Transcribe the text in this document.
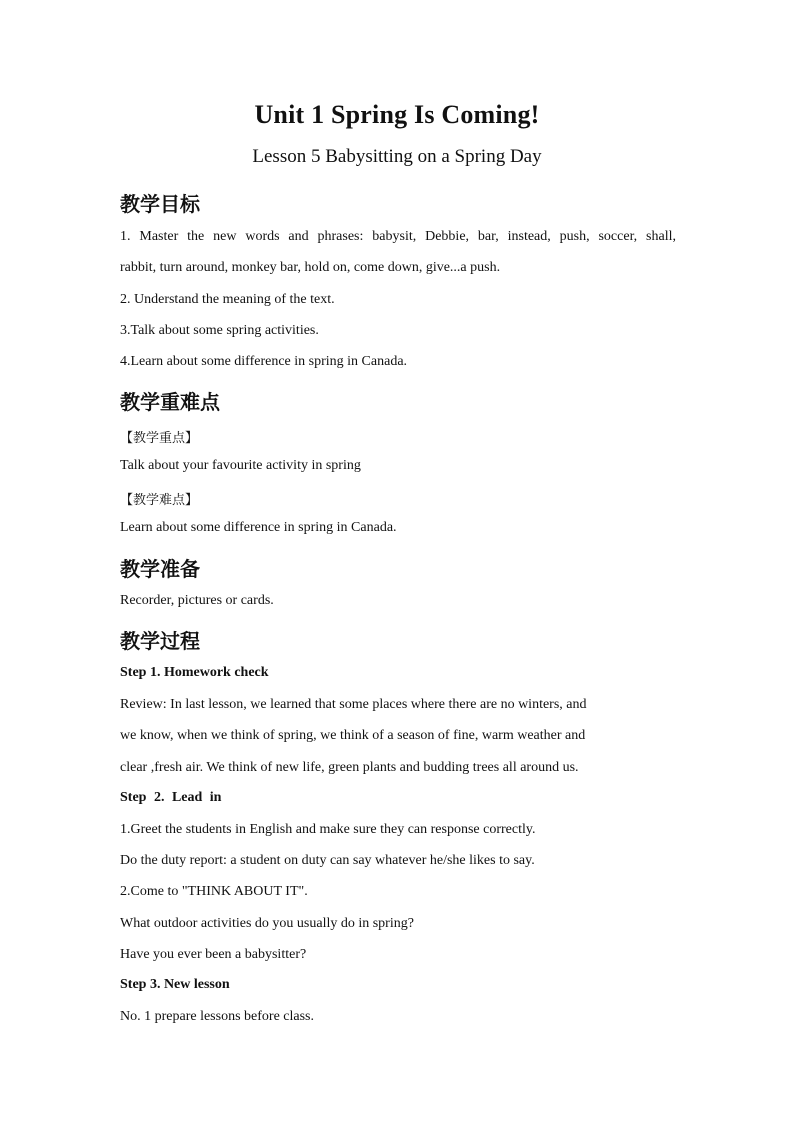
Unit 1 Spring Is Coming!
Lesson 5 Babysitting on a Spring Day
教学目标
1. Master the new words and phrases: babysit, Debbie, bar, instead, push, soccer, shall,
rabbit, turn around, monkey bar, hold on, come down, give...a push.
2. Understand the meaning of the text.
3.Talk about some spring activities.
4.Learn about some difference in spring in Canada.
教学重难点
【教学重点】
Talk about your favourite activity in spring
【教学难点】
Learn about some difference in spring in Canada.
教学准备
Recorder, pictures or cards.
教学过程
Step 1. Homework check
Review: In last lesson, we learned that some places where there are no winters, and
we know, when we think of spring, we think of a season of fine, warm weather and
clear ,fresh air. We think of new life, green plants and budding trees all around us.
Step 2. Lead in
1.Greet the students in English and make sure they can response correctly.
Do the duty report: a student on duty can say whatever he/she likes to say.
2.Come to "THINK ABOUT IT".
What outdoor activities do you usually do in spring?
Have you ever been a babysitter?
Step 3. New lesson
No. 1 prepare lessons before class.
